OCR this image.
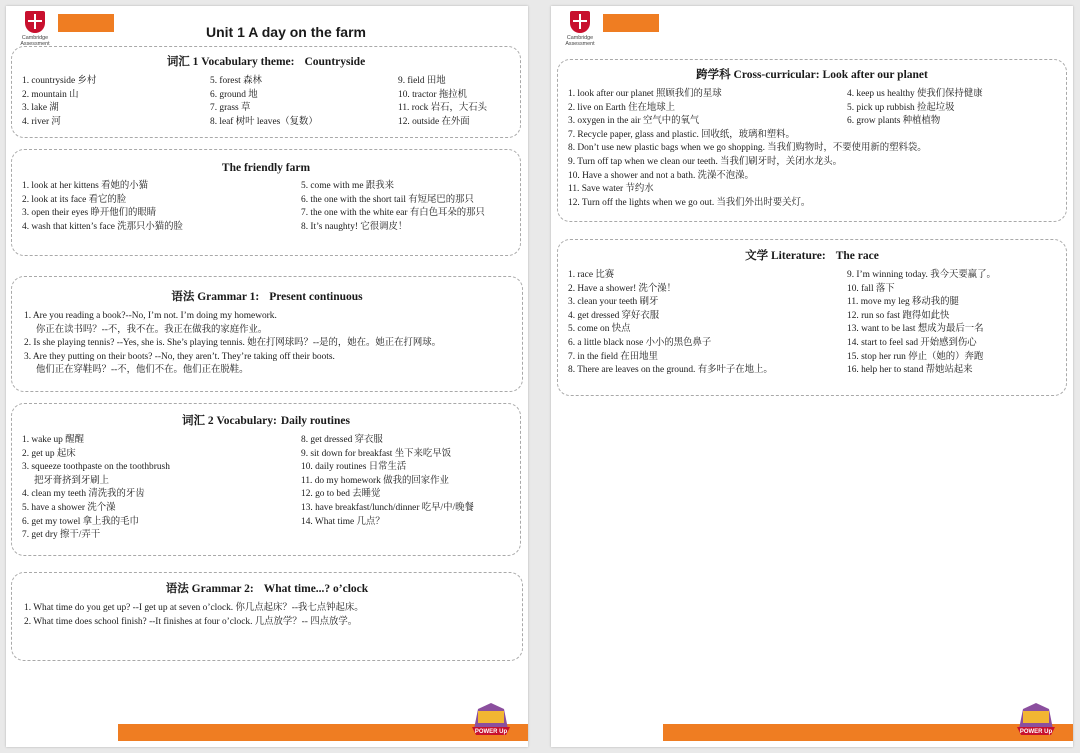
Cambridge
Assessment
Unit 1 A day on the farm
词汇 1 Vocabulary theme: Countryside
1. countryside 乡村
2. mountain 山
3. lake 湖
4. river 河
5. forest 森林
6. ground 地
7. grass 草
8. leaf 树叶 leaves（复数）
9. field 田地
10. tractor 拖拉机
11. rock 岩石，大石头
12. outside 在外面
The friendly farm
1. look at her kittens 看她的小猫
2. look at its face 看它的脸
3. open their eyes 睁开他们的眼睛
4. wash that kitten’s face 洗那只小猫的脸
5. come with me 跟我来
6. the one with the short tail 有短尾巴的那只
7. the one with the white ear 有白色耳朵的那只
8. It’s naughty! 它很调皮！
语法 Grammar 1: Present continuous
1. Are you reading a book?--No, I’m not. I’m doing my homework.
你正在读书吗？--不，我不在。我正在做我的家庭作业。
2. Is she playing tennis? --Yes, she is. She’s playing tennis. 她在打网球吗？--是的，她在。她正在打网球。
3. Are they putting on their boots? --No, they aren’t. They’re taking off their boots.
他们正在穿鞋吗？--不，他们不在。他们正在脱鞋。
词汇 2 Vocabulary: Daily routines
1. wake up 醒醒
2. get up 起床
3. squeeze toothpaste on the toothbrush
把牙膏挤到牙刷上
4. clean my teeth 清洗我的牙齿
5. have a shower 洗个澡
6. get my towel 拿上我的毛巾
7. get dry 擦干/弄干
8. get dressed 穿衣服
9. sit down for breakfast 坐下来吃早饭
10. daily routines 日常生活
11. do my homework 做我的回家作业
12. go to bed 去睡觉
13. have breakfast/lunch/dinner 吃早/中/晚餐
14. What time 几点？
语法 Grammar 2: What time...? o’clock
1. What time do you get up? --I get up at seven o’clock. 你几点起床？--我七点钟起床。
2. What time does school finish? --It finishes at four o’clock. 几点放学？-- 四点放学。
POWER Up
Cambridge
Assessment
跨学科 Cross-curricular: Look after our planet
1. look after our planet 照顾我们的星球
2. live on Earth 住在地球上
3. oxygen in the air 空气中的氧气
4. keep us healthy 使我们保持健康
5. pick up rubbish 捡起垃圾
6. grow plants 种植植物
7. Recycle paper, glass and plastic. 回收纸，玻璃和塑料。
8. Don’t use new plastic bags when we go shopping. 当我们购物时，不要使用新的塑料袋。
9. Turn off tap when we clean our teeth. 当我们刷牙时，关闭水龙头。
10. Have a shower and not a bath. 洗澡不泡澡。
11. Save water 节约水
12. Turn off the lights when we go out. 当我们外出时要关灯。
文学 Literature: The race
1. race 比赛
2. Have a shower! 洗个澡！
3. clean your teeth 刷牙
4. get dressed 穿好衣服
5. come on 快点
6. a little black nose 小小的黑色鼻子
7. in the field 在田地里
8. There are leaves on the ground. 有多叶子在地上。
9. I’m winning today. 我今天要赢了。
10. fall 落下
11. move my leg 移动我的腿
12. run so fast 跑得如此快
13. want to be last 想成为最后一名
14. start to feel sad 开始感到伤心
15. stop her run 停止（她的）奔跑
16. help her to stand 帮她站起来
POWER Up
